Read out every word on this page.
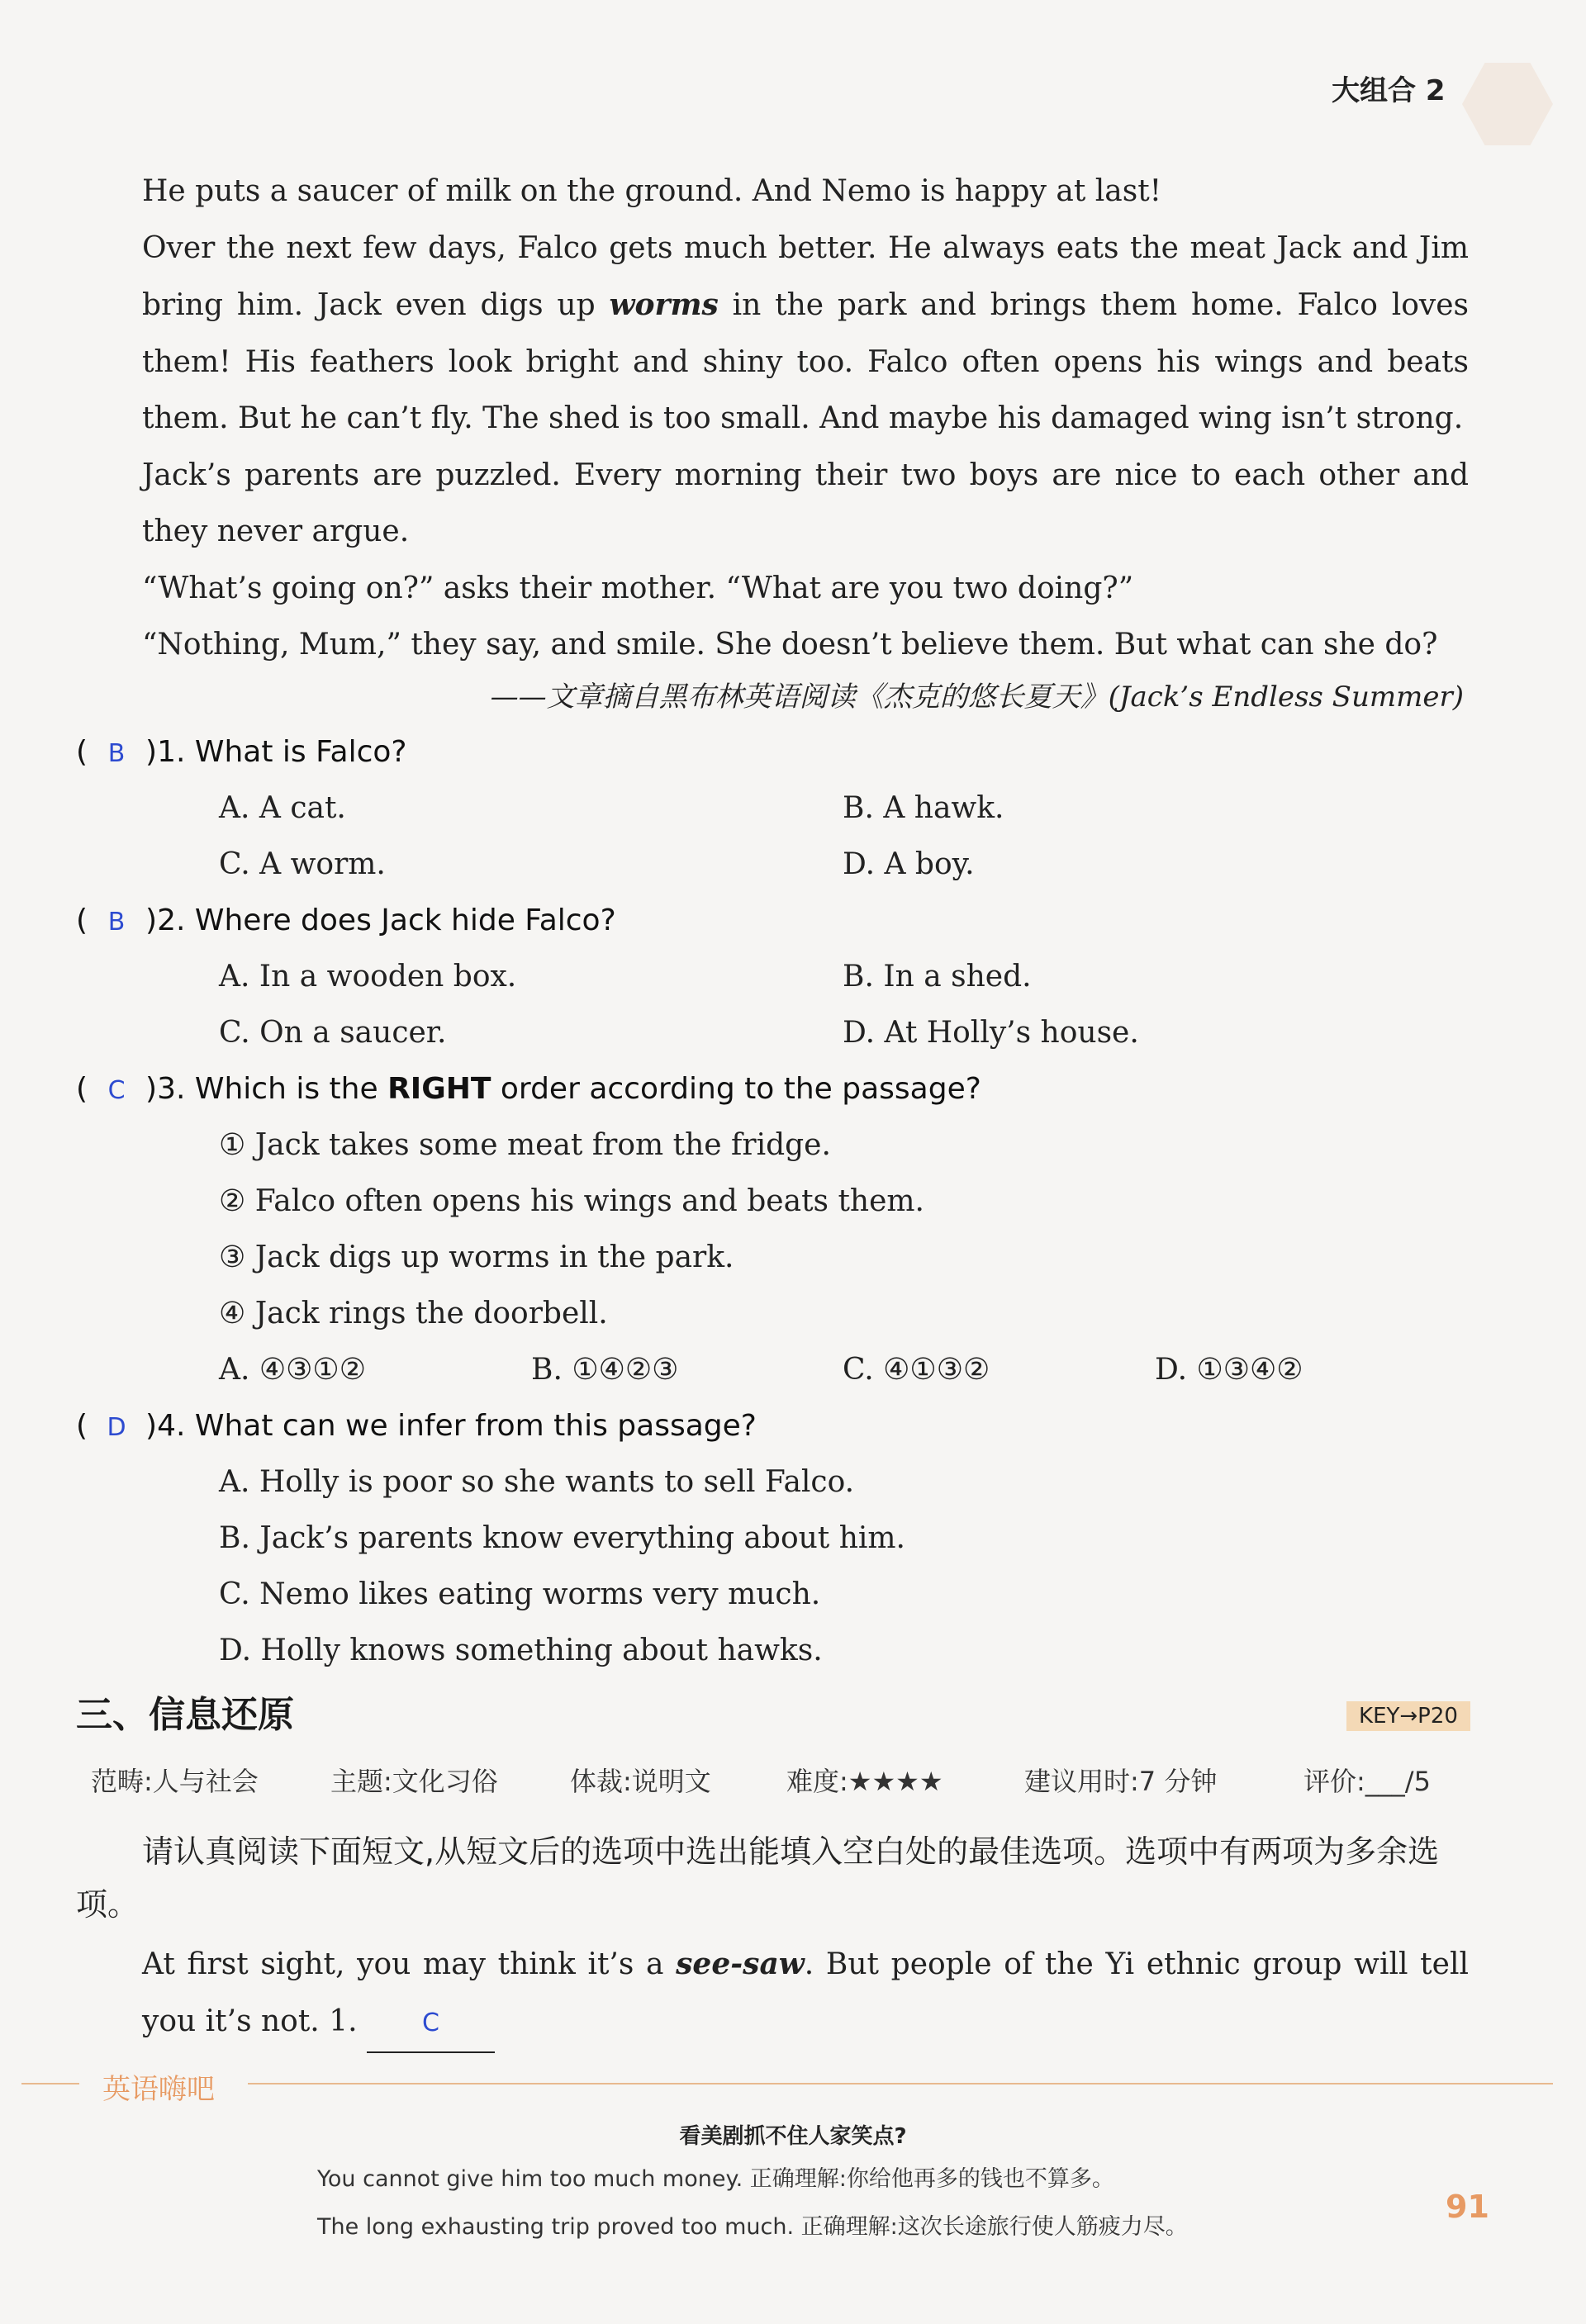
大组合 2

He puts a saucer of milk on the ground. And Nemo is happy at last!

Over the next few days, Falco gets much better. He always eats the meat Jack and Jim bring him. Jack even digs up worms in the park and brings them home. Falco loves them! His feathers look bright and shiny too. Falco often opens his wings and beats them. But he can’t fly. The shed is too small. And maybe his damaged wing isn’t strong.

Jack’s parents are puzzled. Every morning their two boys are nice to each other and they never argue.

“What’s going on?” asks their mother. “What are you two doing?”

“Nothing, Mum,” they say, and smile. She doesn’t believe them. But what can she do?

——文章摘自黑布林英语阅读《杰克的悠长夏天》(Jack’s Endless Summer)
( B )1. What is Falco?
A. A cat.	B. A hawk.
C. A worm.	D. A boy.
( B )2. Where does Jack hide Falco?
A. In a wooden box.	B. In a shed.
C. On a saucer.	D. At Holly’s house.
( C )3. Which is the RIGHT order according to the passage?
① Jack takes some meat from the fridge.
② Falco often opens his wings and beats them.
③ Jack digs up worms in the park.
④ Jack rings the doorbell.
A. ④③①②	B. ①④②③	C. ④①③②	D. ①③④②
( D )4. What can we infer from this passage?
A. Holly is poor so she wants to sell Falco.
B. Jack’s parents know everything about him.
C. Nemo likes eating worms very much.
D. Holly knows something about hawks.
三、信息还原	KEY→P20
范畴:人与社会	主题:文化习俗	体裁:说明文	难度:★★★★	建议用时:7 分钟	评价:___/5
请认真阅读下面短文,从短文后的选项中选出能填入空白处的最佳选项。选项中有两项为多余选项。

At first sight, you may think it’s a see-saw. But people of the Yi ethnic group will tell you it’s not. 1.	C

英语嗨吧
看美剧抓不住人家笑点?
You cannot give him too much money. 正确理解:你给他再多的钱也不算多。
The long exhausting trip proved too much. 正确理解:这次长途旅行使人筋疲力尽。
91
